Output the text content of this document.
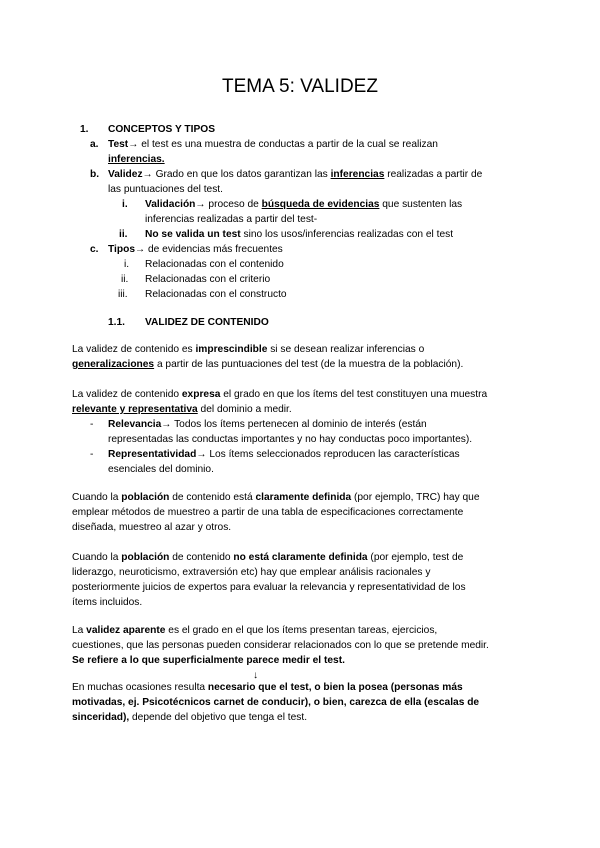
TEMA 5: VALIDEZ
1. CONCEPTOS Y TIPOS
a. Test→ el test es una muestra de conductas a partir de la cual se realizan
inferencias.
b. Validez→ Grado en que los datos garantizan las inferencias realizadas a partir de
las puntuaciones del test.
i. Validación→ proceso de búsqueda de evidencias que sustenten las
inferencias realizadas a partir del test-
ii. No se valida un test sino los usos/inferencias realizadas con el test
c. Tipos→ de evidencias más frecuentes
i. Relacionadas con el contenido
ii. Relacionadas con el criterio
iii. Relacionadas con el constructo
1.1. VALIDEZ DE CONTENIDO
La validez de contenido es imprescindible si se desean realizar inferencias o
generalizaciones a partir de las puntuaciones del test (de la muestra de la población).
La validez de contenido expresa el grado en que los ítems del test constituyen una muestra
relevante y representativa del dominio a medir.
- Relevancia→ Todos los ítems pertenecen al dominio de interés (están
representadas las conductas importantes y no hay conductas poco importantes).
- Representatividad→ Los ítems seleccionados reproducen las características
esenciales del dominio.
Cuando la población de contenido está claramente definida (por ejemplo, TRC) hay que
emplear métodos de muestreo a partir de una tabla de especificaciones correctamente
diseñada, muestreo al azar y otros.
Cuando la población de contenido no está claramente definida (por ejemplo, test de
liderazgo, neuroticismo, extraversión etc) hay que emplear análisis racionales y
posteriormente juicios de expertos para evaluar la relevancia y representatividad de los
ítems incluidos.
La validez aparente es el grado en el que los ítems presentan tareas, ejercicios,
cuestiones, que las personas pueden considerar relacionados con lo que se pretende medir.
Se refiere a lo que superficialmente parece medir el test.
↓
En muchas ocasiones resulta necesario que el test, o bien la posea (personas más
motivadas, ej. Psicotécnicos carnet de conducir), o bien, carezca de ella (escalas de
sinceridad), depende del objetivo que tenga el test.
